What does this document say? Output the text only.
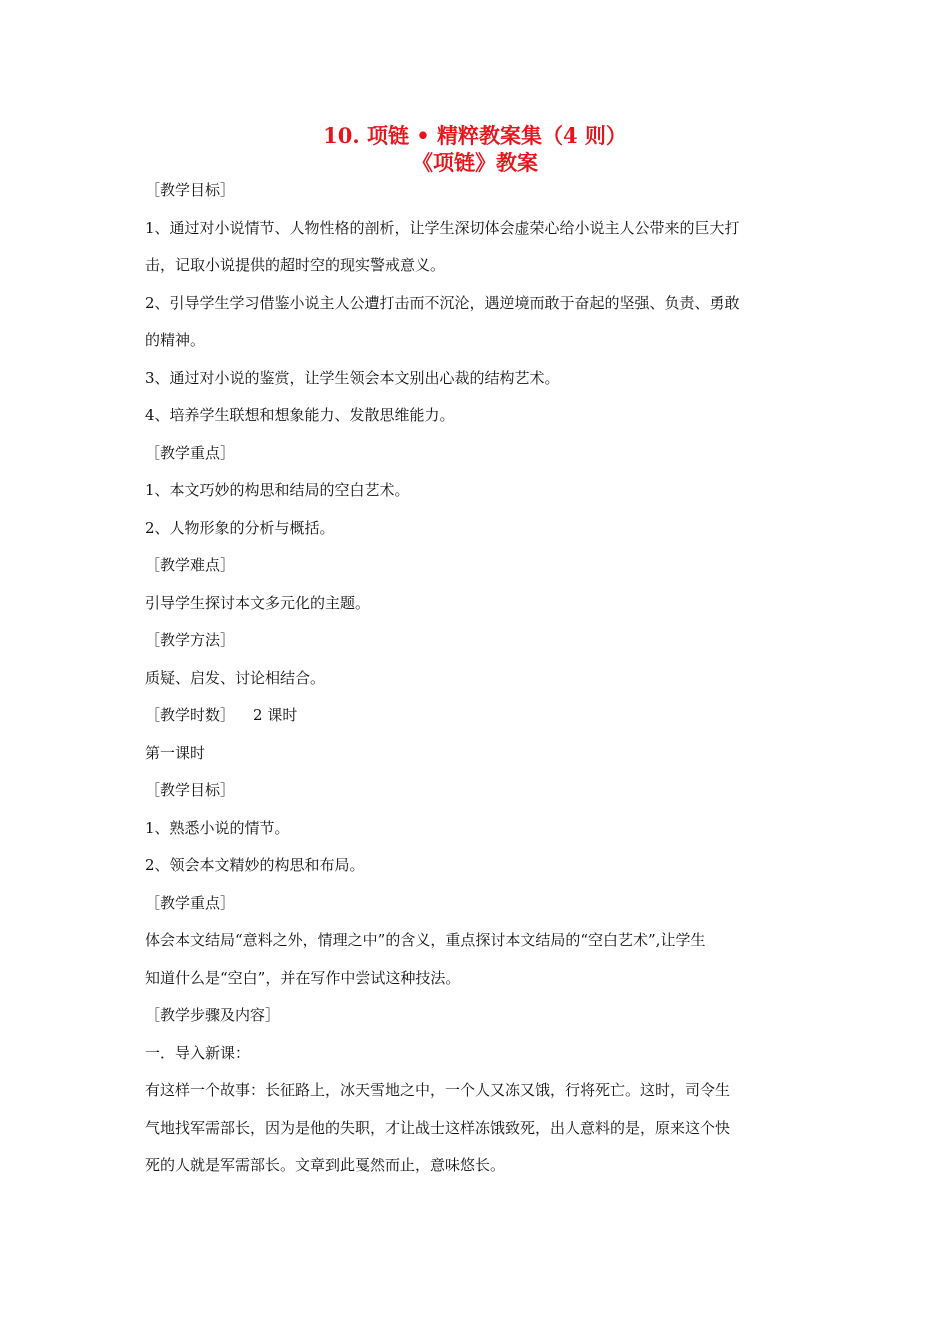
10. 项链 • 精粹教案集（4 则）

《项链》教案

［教学目标］

1、通过对小说情节、人物性格的剖析，让学生深切体会虚荣心给小说主人公带来的巨大打

击，记取小说提供的超时空的现实警戒意义。

2、引导学生学习借鉴小说主人公遭打击而不沉沦，遇逆境而敢于奋起的坚强、负责、勇敢

的精神。

3、通过对小说的鉴赏，让学生领会本文别出心裁的结构艺术。

4、培养学生联想和想象能力、发散思维能力。

［教学重点］

1、本文巧妙的构思和结局的空白艺术。

2、人物形象的分析与概括。

［教学难点］

引导学生探讨本文多元化的主题。

［教学方法］

质疑、启发、讨论相结合。

［教学时数］ 2 课时

第一课时

［教学目标］

1、熟悉小说的情节。

2、领会本文精妙的构思和布局。

［教学重点］

体会本文结局“意料之外，情理之中”的含义，重点探讨本文结局的“空白艺术”,让学生

知道什么是“空白”，并在写作中尝试这种技法。

［教学步骤及内容］

一．导入新课：

有这样一个故事：长征路上，冰天雪地之中，一个人又冻又饿，行将死亡。这时，司令生

气地找军需部长，因为是他的失职，才让战士这样冻饿致死，出人意料的是，原来这个快

死的人就是军需部长。文章到此戛然而止，意味悠长。
